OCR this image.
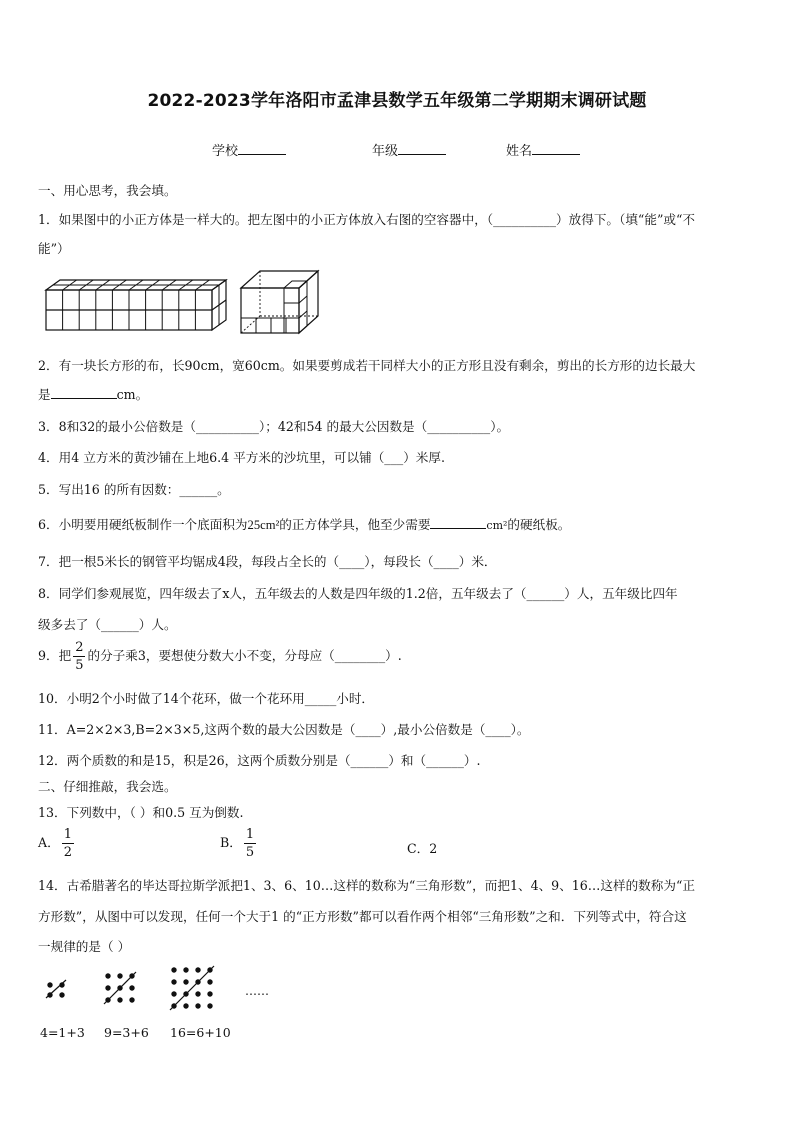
2022-2023学年洛阳市孟津县数学五年级第二学期期末调研试题
学校	年级	姓名
一、用心思考，我会填。
1．如果图中的小正方体是一样大的。把左图中的小正方体放入右图的空容器中，（__________）放得下。（填“能”或“不
能”）
2．有一块长方形的布，长90cm，宽60cm。如果要剪成若干同样大小的正方形且没有剩余，剪出的长方形的边长最大
是	cm。
3．8和32的最小公倍数是（__________）；42和54 的最大公因数是（__________）。
4．用4 立方米的黄沙铺在上地6.4 平方米的沙坑里，可以铺（___）米厚.
5．写出16 的所有因数：______。
6．小明要用硬纸板制作一个底面积为25cm²的正方体学具，他至少需要	cm²的硬纸板。
7．把一根5米长的钢管平均锯成4段，每段占全长的（____），每段长（____）米．
8．同学们参观展览，四年级去了x人，五年级去的人数是四年级的1.2倍，五年级去了（______）人，五年级比四年
级多去了（______）人。
9．把 $\frac{2}{5}$ 的分子乘3，要想使分数大小不变，分母应（________）.
10．小明2个小时做了14个花环，做一个花环用_____小时．
11．A=2×2×3,B=2×3×5,这两个数的最大公因数是（____）,最小公倍数是（____）。
12．两个质数的和是15，积是26，这两个质数分别是（______）和（______）.
二、仔细推敲，我会选。
13．下列数中，（ ）和0.5 互为倒数.
A． $\frac{1}{2}$	B． $\frac{1}{5}$	C．2
14．古希腊著名的毕达哥拉斯学派把1、3、6、10…这样的数称为“三角形数”，而把1、4、9、16…这样的数称为“正
方形数”，从图中可以发现，任何一个大于1 的“正方形数”都可以看作两个相邻“三角形数”之和．下列等式中，符合这
一规律的是（ ）
……
4=1+3 9=3+6 16=6+10
